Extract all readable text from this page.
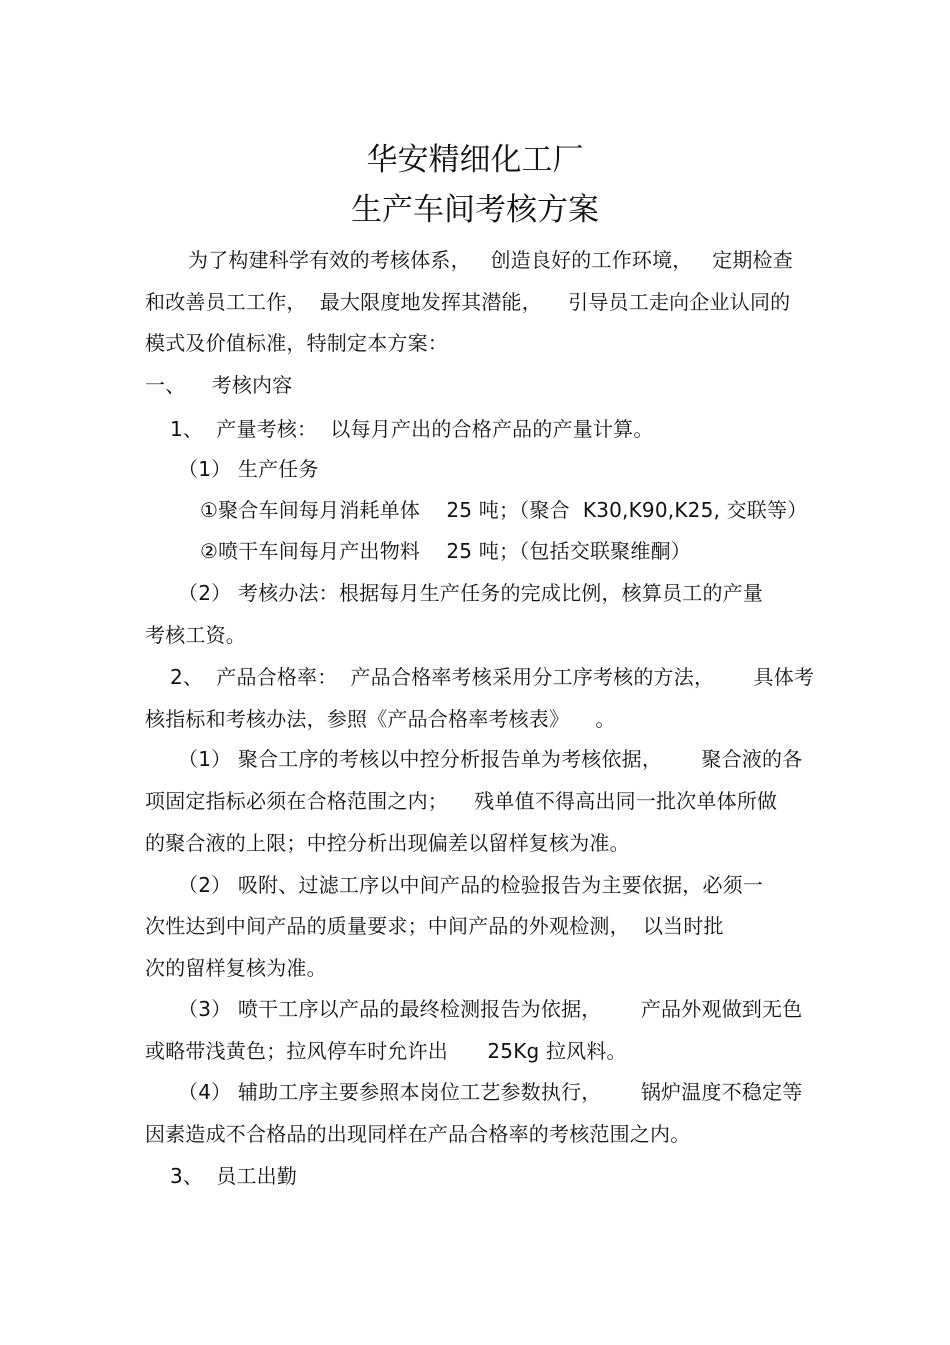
华安精细化工厂
生产车间考核方案
为了构建科学有效的考核体系，   创造良好的工作环境，   定期检查
和改善员工工作，  最大限度地发挥其潜能，    引导员工走向企业认同的
模式及价值标准，特制定本方案：
一、    考核内容
1、  产量考核：  以每月产出的合格产品的产量计算。
（1） 生产任务
①聚合车间每月消耗单体    25 吨；（聚合  K30,K90,K25, 交联等）
②喷干车间每月产出物料    25 吨；（包括交联聚维酮）
（2） 考核办法：根据每月生产任务的完成比例，核算员工的产量
考核工资。
2、  产品合格率：  产品合格率考核采用分工序考核的方法，      具体考
核指标和考核办法，参照《产品合格率考核表》    。
（1） 聚合工序的考核以中控分析报告单为考核依据，      聚合液的各
项固定指标必须在合格范围之内；    残单值不得高出同一批次单体所做
的聚合液的上限；中控分析出现偏差以留样复核为准。
（2） 吸附、过滤工序以中间产品的检验报告为主要依据，必须一
次性达到中间产品的质量要求；中间产品的外观检测，  以当时批
次的留样复核为准。
（3） 喷干工序以产品的最终检测报告为依据，      产品外观做到无色
或略带浅黄色；拉风停车时允许出      25Kg 拉风料。
（4） 辅助工序主要参照本岗位工艺参数执行，      锅炉温度不稳定等
因素造成不合格品的出现同样在产品合格率的考核范围之内。
3、  员工出勤
